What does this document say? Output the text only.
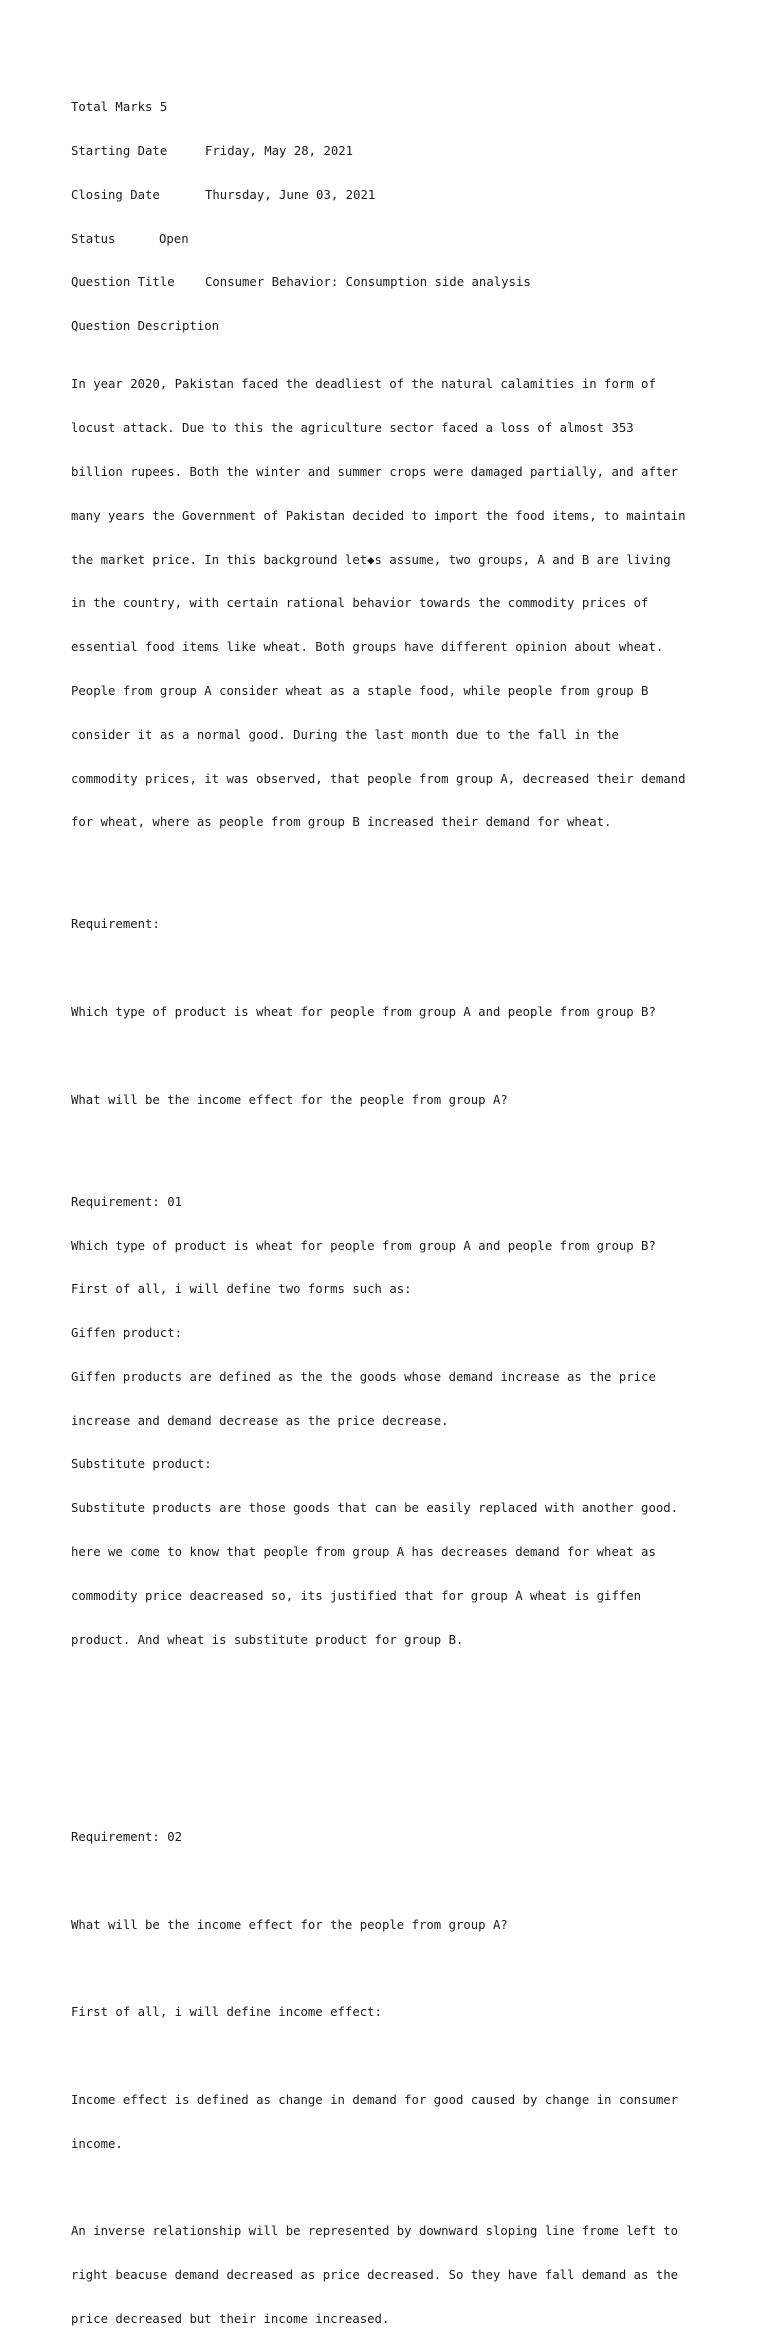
Total Marks 5

Starting Date	Friday, May 28, 2021

Closing Date	Thursday, June 03, 2021

Status	Open

Question Title Consumer Behavior: Consumption side analysis

Question Description

In year 2020, Pakistan faced the deadliest of the natural calamities in form of

locust attack. Due to this the agriculture sector faced a loss of almost 353

billion rupees. Both the winter and summer crops were damaged partially, and after

many years the Government of Pakistan decided to import the food items, to maintain

the market price. In this background let◆s assume, two groups, A and B are living

in the country, with certain rational behavior towards the commodity prices of

essential food items like wheat. Both groups have different opinion about wheat.

People from group A consider wheat as a staple food, while people from group B

consider it as a normal good. During the last month due to the fall in the

commodity prices, it was observed, that people from group A, decreased their demand

for wheat, where as people from group B increased their demand for wheat.

Requirement:

Which type of product is wheat for people from group A and people from group B?

What will be the income effect for the people from group A?

Requirement: 01

Which type of product is wheat for people from group A and people from group B?

First of all, i will define two forms such as:

Giffen product:

Giffen products are defined as the the goods whose demand increase as the price

increase and demand decrease as the price decrease.

Substitute product:

Substitute products are those goods that can be easily replaced with another good.

here we come to know that people from group A has decreases demand for wheat as

commodity price deacreased so, its justified that for group A wheat is giffen

product. And wheat is substitute product for group B.

Requirement: 02

What will be the income effect for the people from group A?

First of all, i will define income effect:

Income effect is defined as change in demand for good caused by change in consumer

income.

An inverse relationship will be represented by downward sloping line frome left to

right beacuse demand decreased as price decreased. So they have fall demand as the

price decreased but their income increased.
